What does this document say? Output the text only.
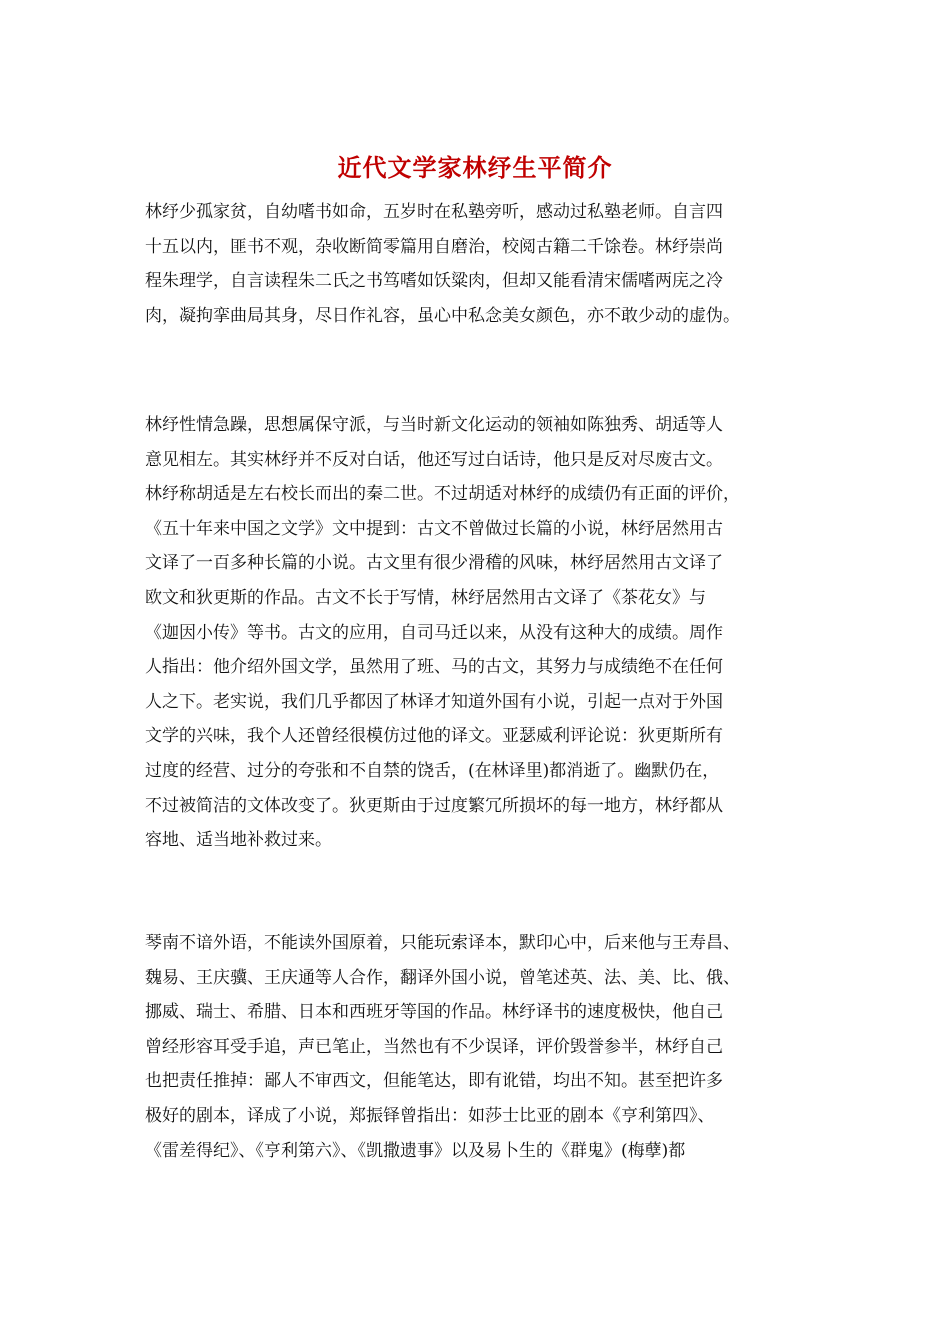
近代文学家林纾生平简介
林纾少孤家贫，自幼嗜书如命，五岁时在私塾旁听，感动过私塾老师。自言四
十五以内，匪书不观，杂收断简零篇用自磨治，校阅古籍二千馀卷。林纾崇尚
程朱理学，自言读程朱二氏之书笃嗜如饫粱肉，但却又能看清宋儒嗜两庑之冷
肉，凝拘挛曲局其身，尽日作礼容，虽心中私念美女颜色，亦不敢少动的虚伪。
林纾性情急躁，思想属保守派，与当时新文化运动的领袖如陈独秀、胡适等人
意见相左。其实林纾并不反对白话，他还写过白话诗，他只是反对尽废古文。
林纾称胡适是左右校长而出的秦二世。不过胡适对林纾的成绩仍有正面的评价，
《五十年来中国之文学》文中提到：古文不曾做过长篇的小说，林纾居然用古
文译了一百多种长篇的小说。古文里有很少滑稽的风味，林纾居然用古文译了
欧文和狄更斯的作品。古文不长于写情，林纾居然用古文译了《茶花女》与
《迦因小传》等书。古文的应用，自司马迁以来，从没有这种大的成绩。周作
人指出：他介绍外国文学，虽然用了班、马的古文，其努力与成绩绝不在任何
人之下。老实说，我们几乎都因了林译才知道外国有小说，引起一点对于外国
文学的兴味，我个人还曾经很模仿过他的译文。亚瑟威利评论说：狄更斯所有
过度的经营、过分的夸张和不自禁的饶舌，(在林译里)都消逝了。幽默仍在，
不过被简洁的文体改变了。狄更斯由于过度繁冗所损坏的每一地方，林纾都从
容地、适当地补救过来。
琴南不谙外语，不能读外国原着，只能玩索译本，默印心中，后来他与王寿昌、
魏易、王庆骥、王庆通等人合作，翻译外国小说，曾笔述英、法、美、比、俄、
挪威、瑞士、希腊、日本和西班牙等国的作品。林纾译书的速度极快，他自己
曾经形容耳受手追，声已笔止，当然也有不少误译，评价毁誉参半，林纾自己
也把责任推掉：鄙人不审西文，但能笔达，即有讹错，均出不知。甚至把许多
极好的剧本，译成了小说，郑振铎曾指出：如莎士比亚的剧本《亨利第四》、
《雷差得纪》、《亨利第六》、《凯撒遗事》以及易卜生的《群鬼》(梅孽)都
